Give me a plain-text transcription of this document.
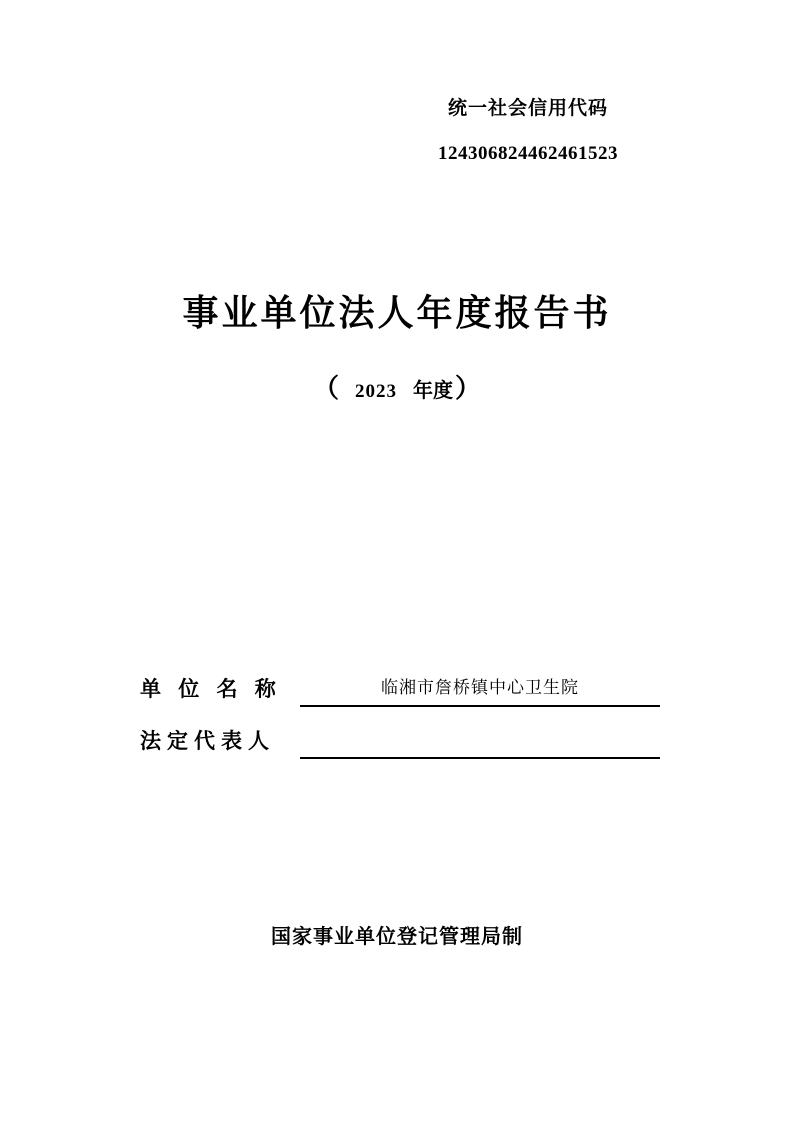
统一社会信用代码
124306824462461523
事业单位法人年度报告书
（ 2023 年度）
单 位 名 称	临湘市詹桥镇中心卫生院
法定代表人
国家事业单位登记管理局制
